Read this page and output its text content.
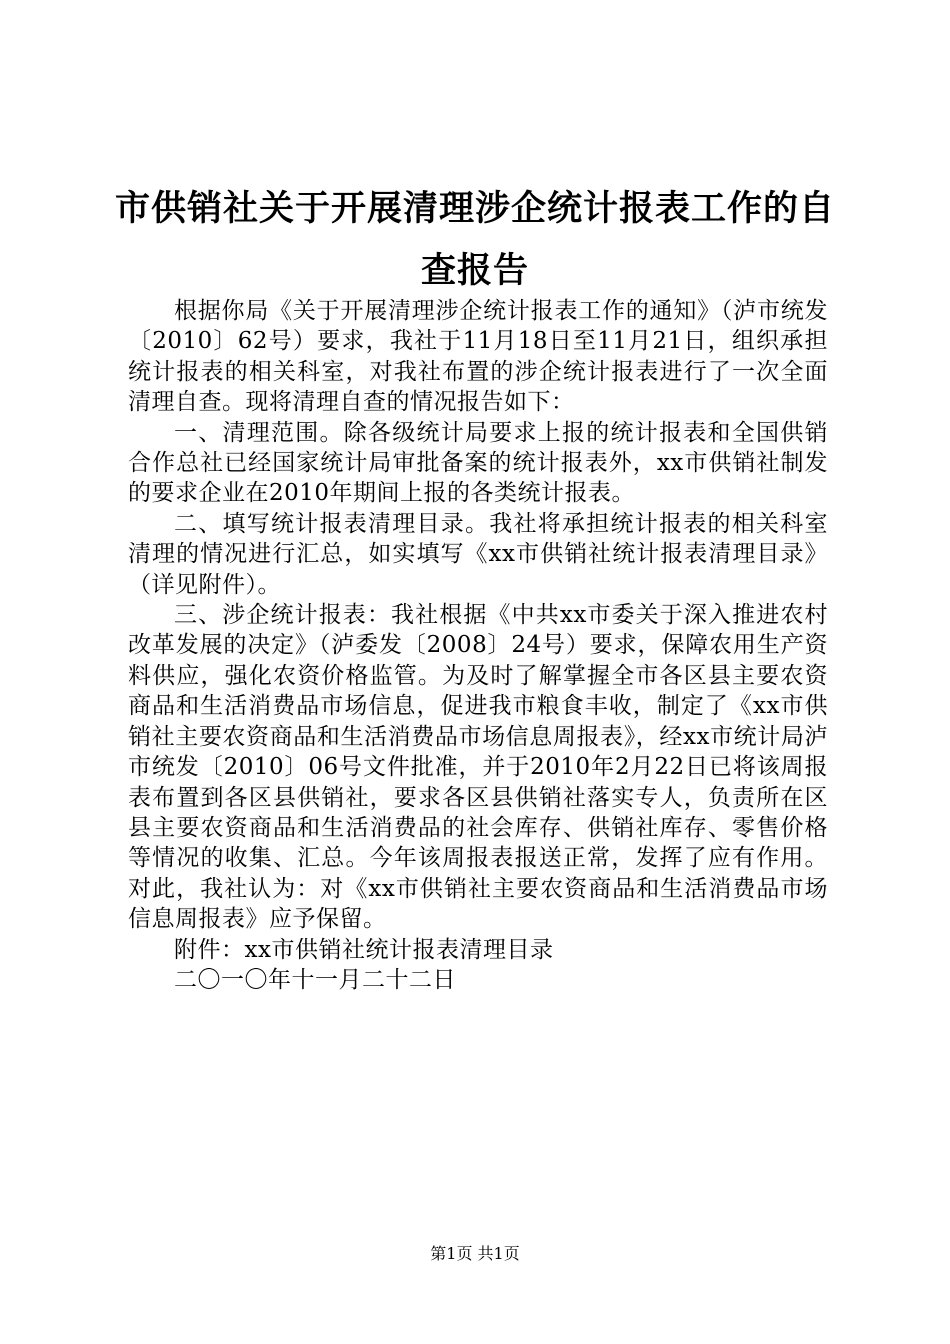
市供销社关于开展清理涉企统计报表工作的自查报告

根据你局《关于开展清理涉企统计报表工作的通知》（泸市统发〔2010〕62号）要求，我社于11月18日至11月21日，组织承担统计报表的相关科室，对我社布置的涉企统计报表进行了一次全面清理自查。现将清理自查的情况报告如下：

一、清理范围。除各级统计局要求上报的统计报表和全国供销合作总社已经国家统计局审批备案的统计报表外，xx市供销社制发的要求企业在2010年期间上报的各类统计报表。

二、填写统计报表清理目录。我社将承担统计报表的相关科室清理的情况进行汇总，如实填写《xx市供销社统计报表清理目录》（详见附件）。

三、涉企统计报表：我社根据《中共xx市委关于深入推进农村改革发展的决定》（泸委发〔2008〕24号）要求，保障农用生产资料供应，强化农资价格监管。为及时了解掌握全市各区县主要农资商品和生活消费品市场信息，促进我市粮食丰收，制定了《xx市供销社主要农资商品和生活消费品市场信息周报表》，经xx市统计局泸市统发〔2010〕06号文件批准，并于2010年2月22日已将该周报表布置到各区县供销社，要求各区县供销社落实专人，负责所在区县主要农资商品和生活消费品的社会库存、供销社库存、零售价格等情况的收集、汇总。今年该周报表报送正常，发挥了应有作用。对此，我社认为：对《xx市供销社主要农资商品和生活消费品市场信息周报表》应予保留。

附件：xx市供销社统计报表清理目录

二〇一〇年十一月二十二日

第1页 共1页
